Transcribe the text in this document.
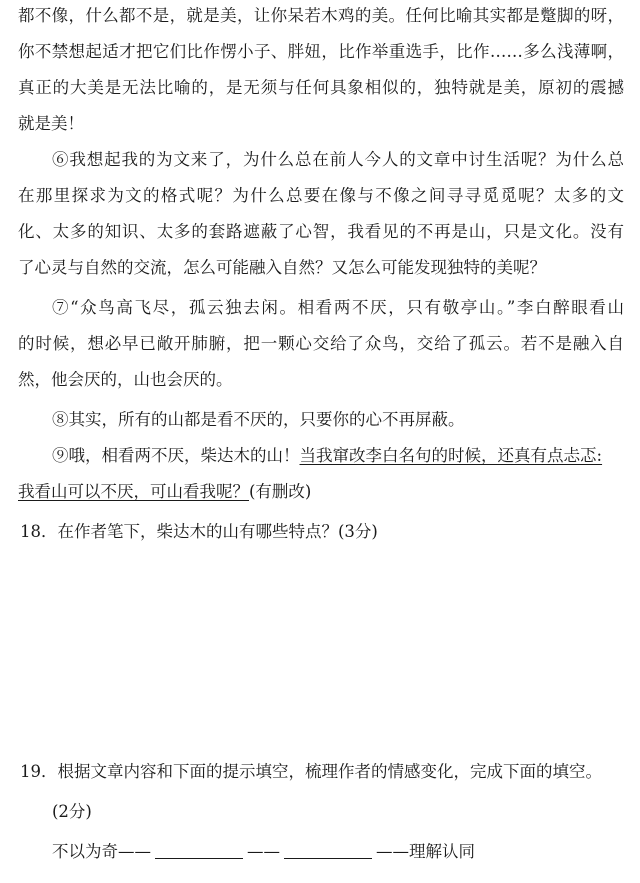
都不像，什么都不是，就是美，让你呆若木鸡的美。任何比喻其实都是蹩脚的呀，
你不禁想起适才把它们比作愣小子、胖妞，比作举重选手，比作……多么浅薄啊，
真正的大美是无法比喻的，是无须与任何具象相似的，独特就是美，原初的震撼
就是美！
⑥我想起我的为文来了，为什么总在前人今人的文章中讨生活呢？为什么总
在那里探求为文的格式呢？为什么总要在像与不像之间寻寻觅觅呢？太多的文
化、太多的知识、太多的套路遮蔽了心智，我看见的不再是山，只是文化。没有
了心灵与自然的交流，怎么可能融入自然？又怎么可能发现独特的美呢？
⑦“众鸟高飞尽，孤云独去闲。相看两不厌，只有敬亭山。”李白醉眼看山
的时候，想必早已敞开肺腑，把一颗心交给了众鸟，交给了孤云。若不是融入自
然，他会厌的，山也会厌的。
⑧其实，所有的山都是看不厌的，只要你的心不再屏蔽。
⑨哦，相看两不厌，柴达木的山！当我窜改李白名句的时候，还真有点忐忑:
我看山可以不厌，可山看我呢？(有删改)
18．在作者笔下，柴达木的山有哪些特点？(3分)
19．根据文章内容和下面的提示填空，梳理作者的情感变化，完成下面的填空。
(2分)
不以为奇——	——	——理解认同
